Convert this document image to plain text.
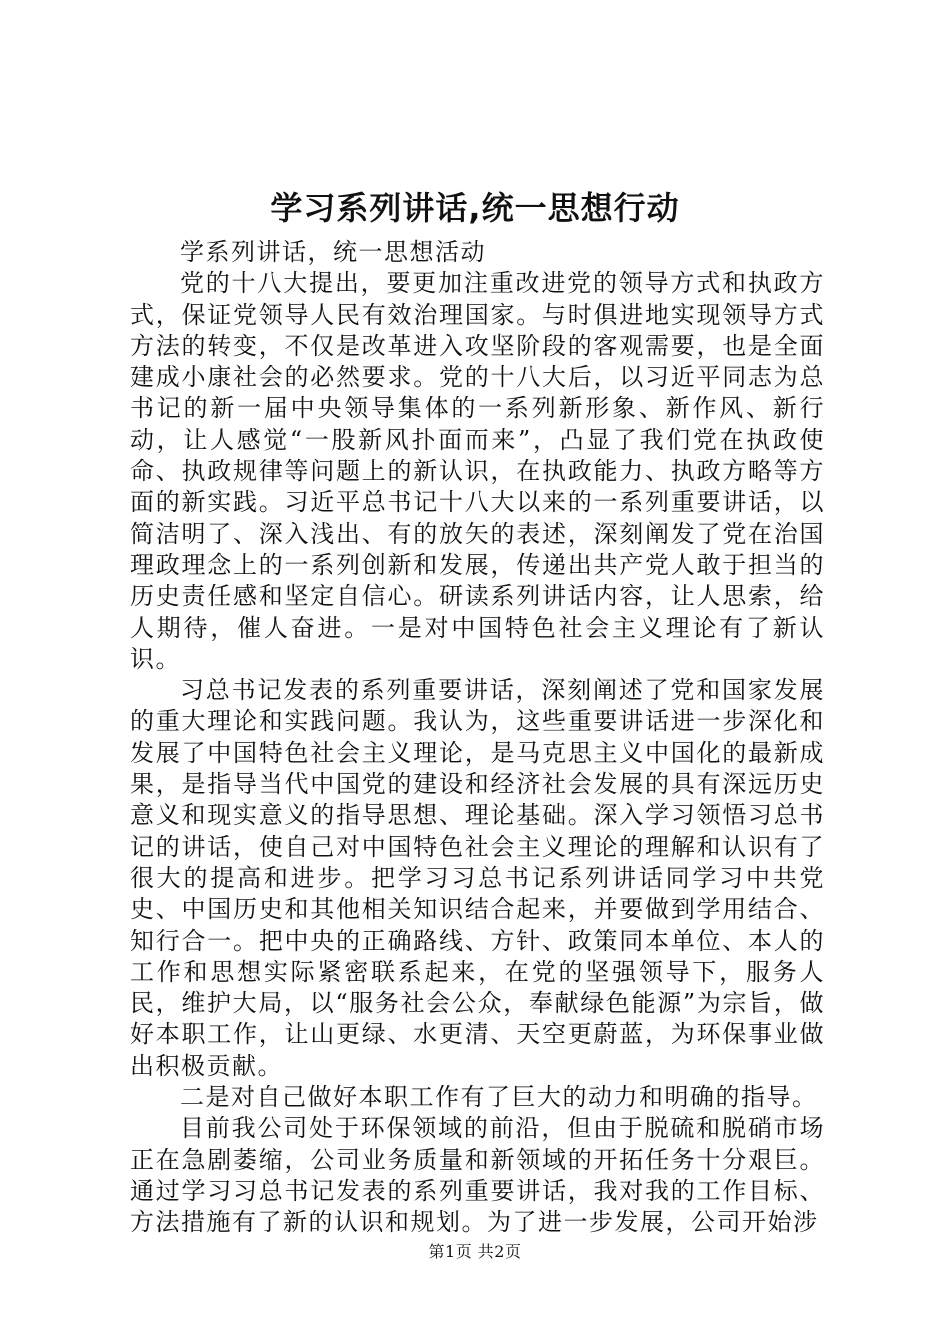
学习系列讲话,统一思想行动

学系列讲话，统一思想活动

党的十八大提出，要更加注重改进党的领导方式和执政方式，保证党领导人民有效治理国家。与时俱进地实现领导方式方法的转变，不仅是改革进入攻坚阶段的客观需要，也是全面建成小康社会的必然要求。党的十八大后，以习近平同志为总书记的新一届中央领导集体的一系列新形象、新作风、新行动，让人感觉“一股新风扑面而来”，凸显了我们党在执政使命、执政规律等问题上的新认识，在执政能力、执政方略等方面的新实践。习近平总书记十八大以来的一系列重要讲话，以简洁明了、深入浅出、有的放矢的表述，深刻阐发了党在治国理政理念上的一系列创新和发展，传递出共产党人敢于担当的历史责任感和坚定自信心。研读系列讲话内容，让人思索，给人期待，催人奋进。一是对中国特色社会主义理论有了新认识。

习总书记发表的系列重要讲话，深刻阐述了党和国家发展的重大理论和实践问题。我认为，这些重要讲话进一步深化和发展了中国特色社会主义理论，是马克思主义中国化的最新成果，是指导当代中国党的建设和经济社会发展的具有深远历史意义和现实意义的指导思想、理论基础。深入学习领悟习总书记的讲话，使自己对中国特色社会主义理论的理解和认识有了很大的提高和进步。把学习习总书记系列讲话同学习中共党史、中国历史和其他相关知识结合起来，并要做到学用结合、知行合一。把中央的正确路线、方针、政策同本单位、本人的工作和思想实际紧密联系起来，在党的坚强领导下，服务人民，维护大局，以“服务社会公众，奉献绿色能源”为宗旨，做好本职工作，让山更绿、水更清、天空更蔚蓝，为环保事业做出积极贡献。

二是对自己做好本职工作有了巨大的动力和明确的指导。

目前我公司处于环保领域的前沿，但由于脱硫和脱硝市场正在急剧萎缩，公司业务质量和新领域的开拓任务十分艰巨。通过学习习总书记发表的系列重要讲话，我对我的工作目标、方法措施有了新的认识和规划。为了进一步发展，公司开始涉

第1页 共2页
